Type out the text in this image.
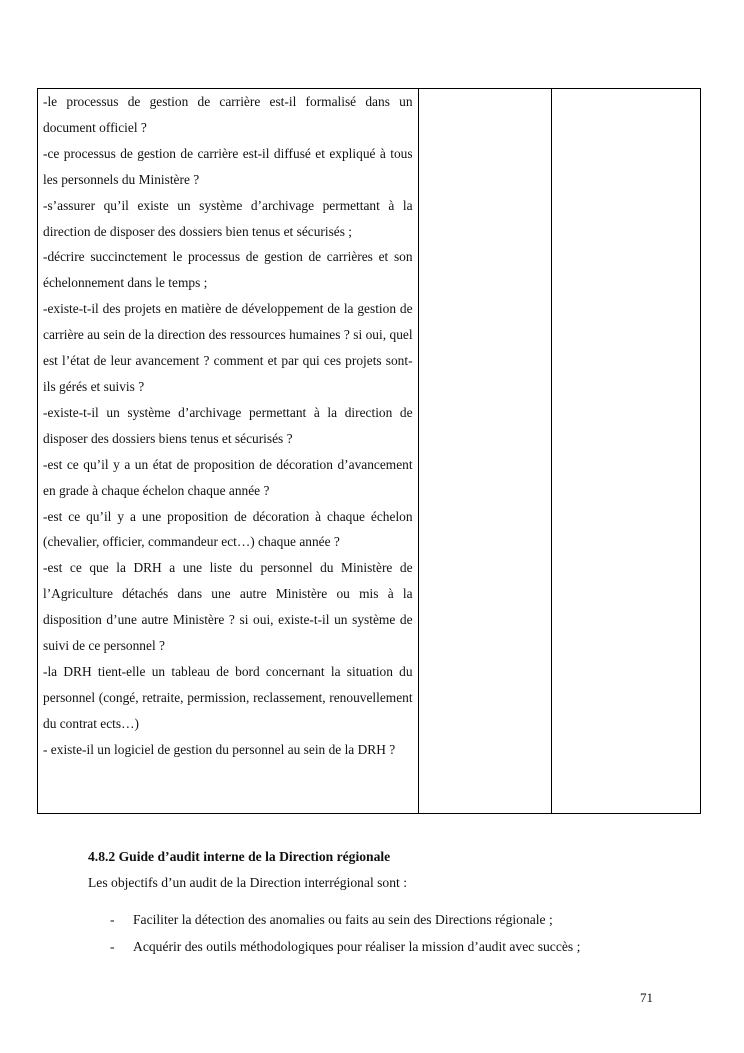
-le processus de gestion de carrière est-il formalisé dans un document officiel ?

-ce processus de gestion de carrière est-il diffusé et expliqué à tous les personnels du Ministère ?

-s’assurer qu’il existe un système d’archivage permettant à la direction de disposer des dossiers bien tenus et sécurisés ;

-décrire succinctement le processus de gestion de carrières et son échelonnement dans le temps ;

-existe-t-il des projets en matière de développement de la gestion de carrière au sein de la direction des ressources humaines ? si oui, quel est l’état de leur avancement ? comment et par qui ces projets sont-ils gérés et suivis ?

-existe-t-il un système d’archivage permettant à la direction de disposer des dossiers biens tenus et sécurisés ?

-est ce qu’il y a un état de proposition de décoration d’avancement en grade à chaque échelon chaque année ?

-est ce qu’il y a une proposition de décoration à chaque échelon (chevalier, officier, commandeur ect…) chaque année ?

-est ce que la DRH a une liste du personnel du Ministère de l’Agriculture détachés dans une autre Ministère ou mis à la disposition d’une autre Ministère ? si oui, existe-t-il un système de suivi de ce personnel ?

-la DRH tient-elle un tableau de bord concernant la situation du personnel (congé, retraite, permission, reclassement, renouvellement du contrat ects…)

- existe-il un logiciel de gestion du personnel au sein de la DRH ?

4.8.2 Guide d’audit interne de la Direction régionale

Les objectifs d’un audit de la Direction interrégional sont :

- Faciliter la détection des anomalies ou faits au sein des Directions régionale ;
- Acquérir des outils méthodologiques pour réaliser la mission d’audit avec succès ;
71
